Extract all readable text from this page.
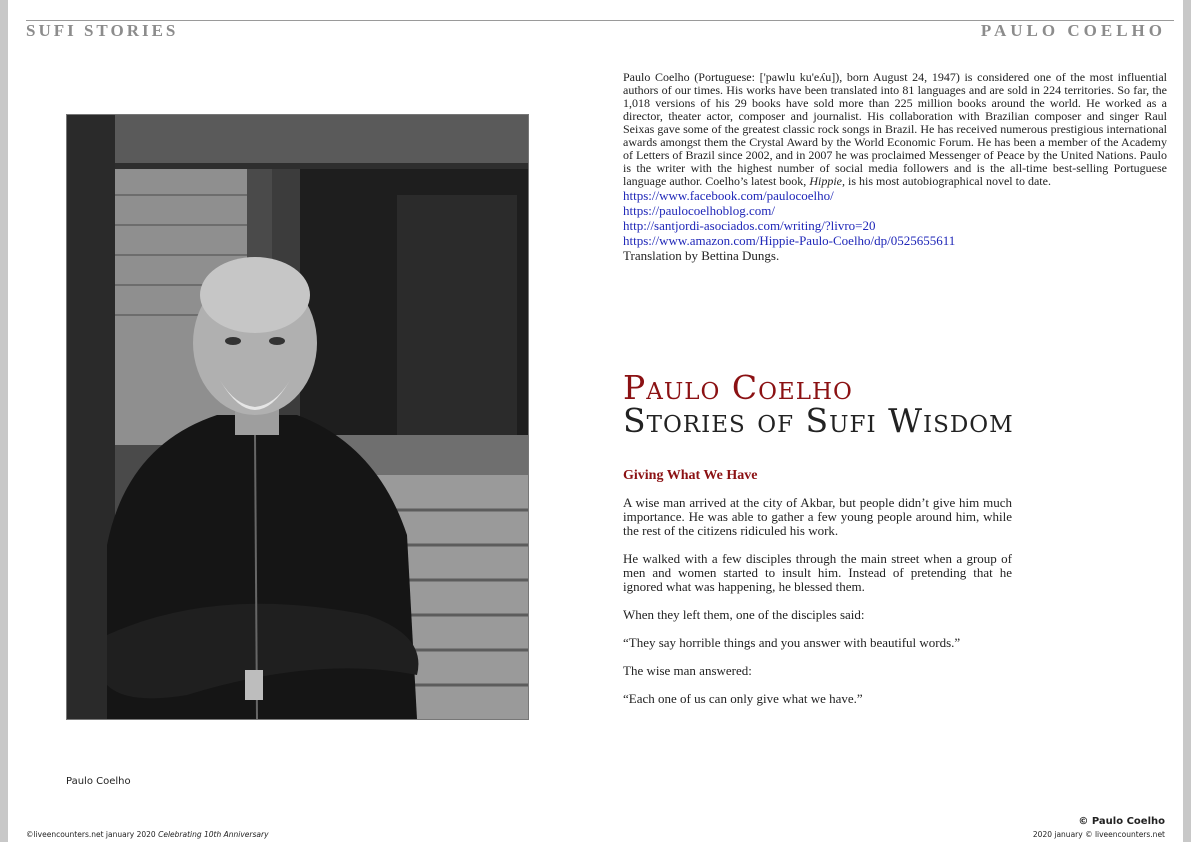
SUFI STORIES	PAULO COELHO
Paulo Coelho

Paulo Coelho (Portuguese: ['pawlu ku'eʎu]), born August 24, 1947) is considered one of the most influential authors of our times. His works have been translated into 81 languages and are sold in 224 territories. So far, the 1,018 versions of his 29 books have sold more than 225 million books around the world. He worked as a director, theater actor, composer and journalist. His collaboration with Brazilian composer and singer Raul Seixas gave some of the greatest classic rock songs in Brazil. He has received numerous prestigious international awards amongst them the Crystal Award by the World Economic Forum. He has been a member of the Academy of Letters of Brazil since 2002, and in 2007 he was proclaimed Messenger of Peace by the United Nations. Paulo is the writer with the highest number of social media followers and is the all-time best-selling Portuguese language author. Coelho’s latest book, Hippie, is his most autobiographical novel to date.

https://www.facebook.com/paulocoelho/
https://paulocoelhoblog.com/
http://santjordi-asociados.com/writing/?livro=20
https://www.amazon.com/Hippie-Paulo-Coelho/dp/0525655611
Translation by Bettina Dungs.
Paulo Coelho
Stories of Sufi Wisdom
Giving What We Have

A wise man arrived at the city of Akbar, but people didn’t give him much importance. He was able to gather a few young people around him, while the rest of the citizens ridiculed his work.

He walked with a few disciples through the main street when a group of men and women started to insult him. Instead of pretending that he ignored what was happening, he blessed them.

When they left them, one of the disciples said:

“They say horrible things and you answer with beautiful words.”

The wise man answered:

“Each one of us can only give what we have.”

© Paulo Coelho
©liveencounters.net january 2020 Celebrating 10th Anniversary	2020 january © liveencounters.net
